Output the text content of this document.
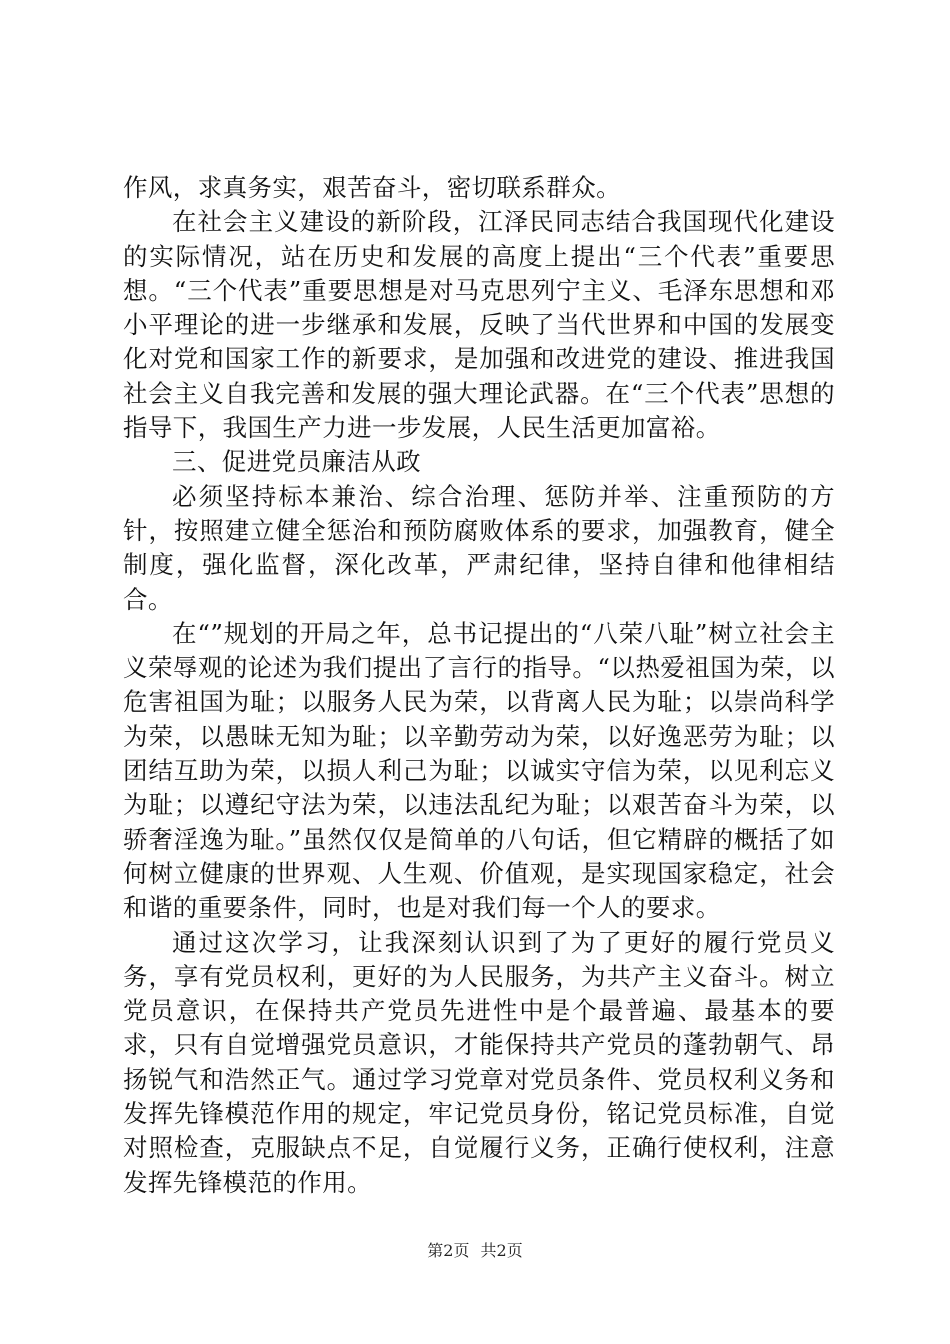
作风，求真务实，艰苦奋斗，密切联系群众。

在社会主义建设的新阶段，江泽民同志结合我国现代化建设的实际情况，站在历史和发展的高度上提出“三个代表”重要思想。“三个代表”重要思想是对马克思列宁主义、毛泽东思想和邓小平理论的进一步继承和发展，反映了当代世界和中国的发展变化对党和国家工作的新要求，是加强和改进党的建设、推进我国社会主义自我完善和发展的强大理论武器。在“三个代表”思想的指导下，我国生产力进一步发展，人民生活更加富裕。

三、促进党员廉洁从政

必须坚持标本兼治、综合治理、惩防并举、注重预防的方针，按照建立健全惩治和预防腐败体系的要求，加强教育，健全制度，强化监督，深化改革，严肃纪律，坚持自律和他律相结合。

在“”规划的开局之年，总书记提出的“八荣八耻”树立社会主义荣辱观的论述为我们提出了言行的指导。“以热爱祖国为荣，以危害祖国为耻；以服务人民为荣，以背离人民为耻；以崇尚科学为荣，以愚昧无知为耻；以辛勤劳动为荣，以好逸恶劳为耻；以团结互助为荣，以损人利己为耻；以诚实守信为荣，以见利忘义为耻；以遵纪守法为荣，以违法乱纪为耻；以艰苦奋斗为荣，以骄奢淫逸为耻。”虽然仅仅是简单的八句话，但它精辟的概括了如何树立健康的世界观、人生观、价值观，是实现国家稳定，社会和谐的重要条件，同时，也是对我们每一个人的要求。

通过这次学习，让我深刻认识到了为了更好的履行党员义务，享有党员权利，更好的为人民服务，为共产主义奋斗。树立党员意识，在保持共产党员先进性中是个最普遍、最基本的要求，只有自觉增强党员意识，才能保持共产党员的蓬勃朝气、昂扬锐气和浩然正气。通过学习党章对党员条件、党员权利义务和发挥先锋模范作用的规定，牢记党员身份，铭记党员标准，自觉对照检查，克服缺点不足，自觉履行义务，正确行使权利，注意发挥先锋模范的作用。

第2页 共2页
